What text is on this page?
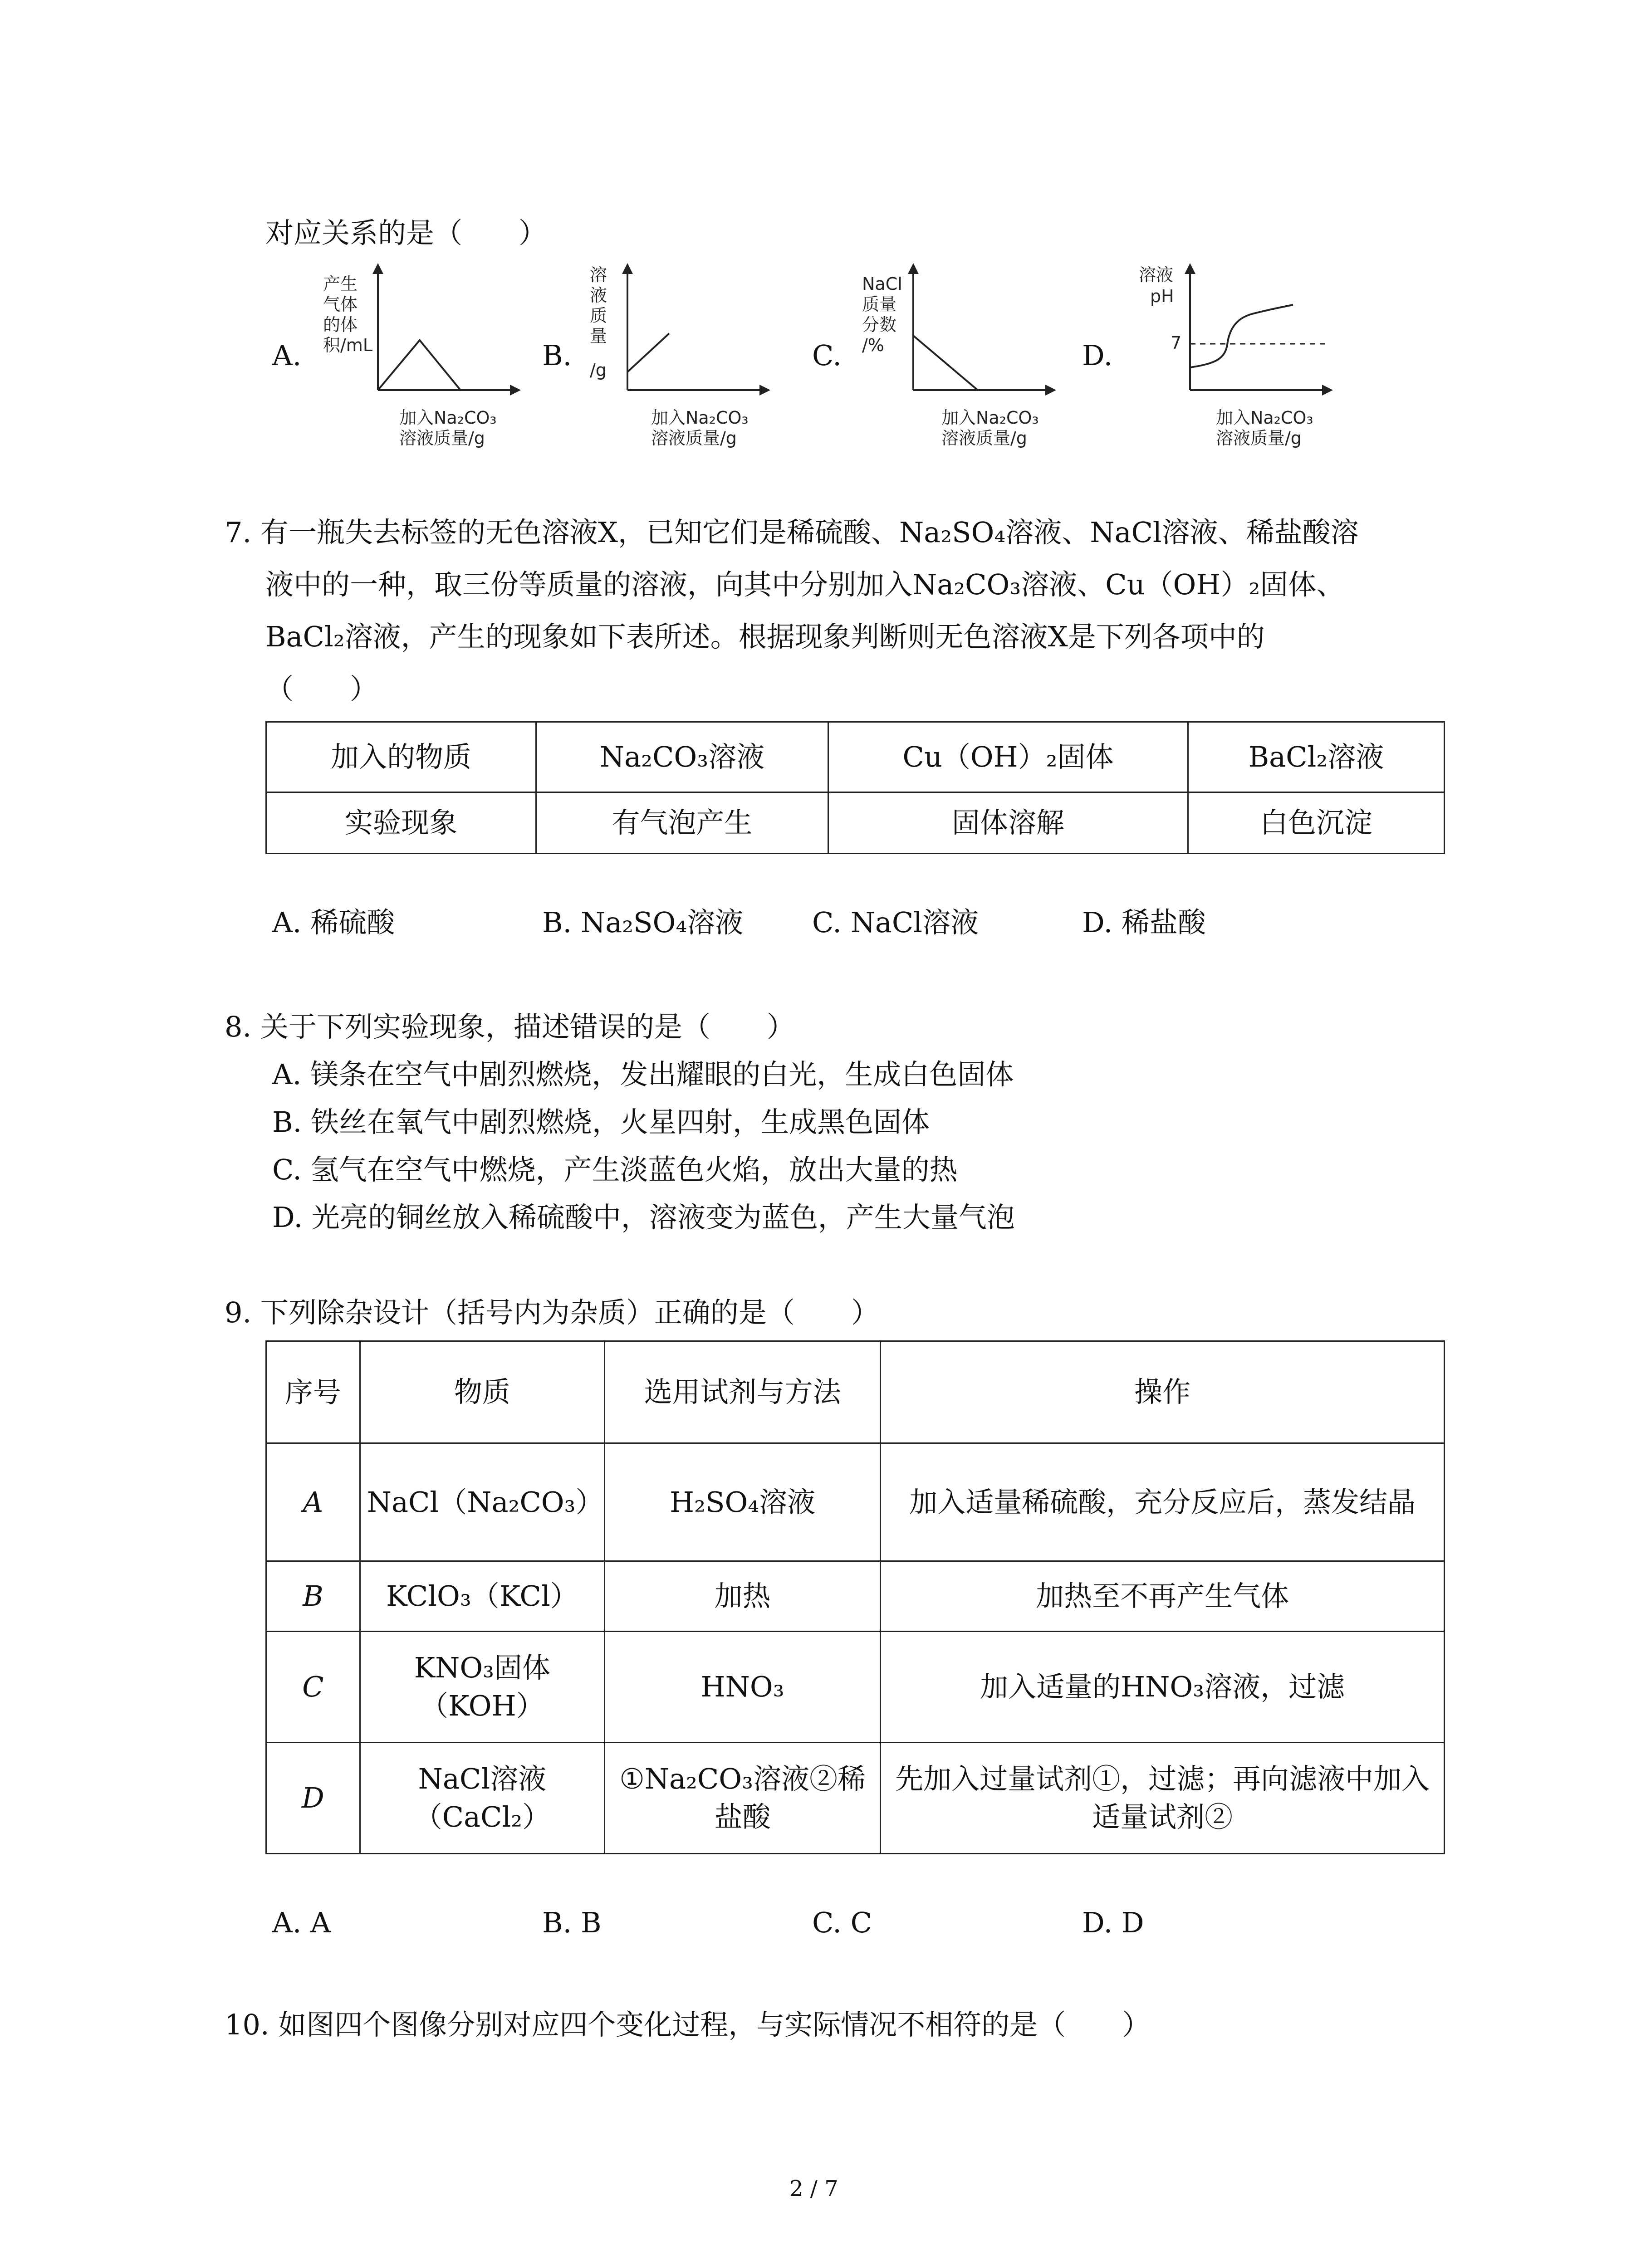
对应关系的是（　　）
A.
产生
气体
的体
积/mL
加入Na₂CO₃
溶液质量/g
B.
溶
液
质
量
/g
加入Na₂CO₃
溶液质量/g
C.
NaCl
质量
分数
/%
加入Na₂CO₃
溶液质量/g
D.
溶液
pH
7
加入Na₂CO₃
溶液质量/g
7. 有一瓶失去标签的无色溶液X，已知它们是稀硫酸、Na₂SO₄溶液、NaCl溶液、稀盐酸溶
液中的一种，取三份等质量的溶液，向其中分别加入Na₂CO₃溶液、Cu（OH）₂固体、
BaCl₂溶液，产生的现象如下表所述。根据现象判断则无色溶液X是下列各项中的
（　　）
加入的物质	Na₂CO₃溶液	Cu（OH）₂固体	BaCl₂溶液
实验现象	有气泡产生	固体溶解	白色沉淀
A. 稀硫酸	B. Na₂SO₄溶液 C. NaCl溶液	D. 稀盐酸
8. 关于下列实验现象，描述错误的是（　　）
A. 镁条在空气中剧烈燃烧，发出耀眼的白光，生成白色固体
B. 铁丝在氧气中剧烈燃烧，火星四射，生成黑色固体
C. 氢气在空气中燃烧，产生淡蓝色火焰，放出大量的热
D. 光亮的铜丝放入稀硫酸中，溶液变为蓝色，产生大量气泡
9. 下列除杂设计（括号内为杂质）正确的是（　　）
序号	物质	选用试剂与方法	操作
A	NaCl（Na₂CO₃）	H₂SO₄溶液	加入适量稀硫酸，充分反应后，蒸发结晶
B	KClO₃（KCl）	加热	加热至不再产生气体
C	KNO₃固体（KOH）	HNO₃	加入适量的HNO₃溶液，过滤
D	NaCl溶液（CaCl₂）	①Na₂CO₃溶液②稀盐酸	先加入过量试剂①，过滤；再向滤液中加入适量试剂②
A. A	B. B	C. C	D. D
10. 如图四个图像分别对应四个变化过程，与实际情况不相符的是（　　）
2 / 7
